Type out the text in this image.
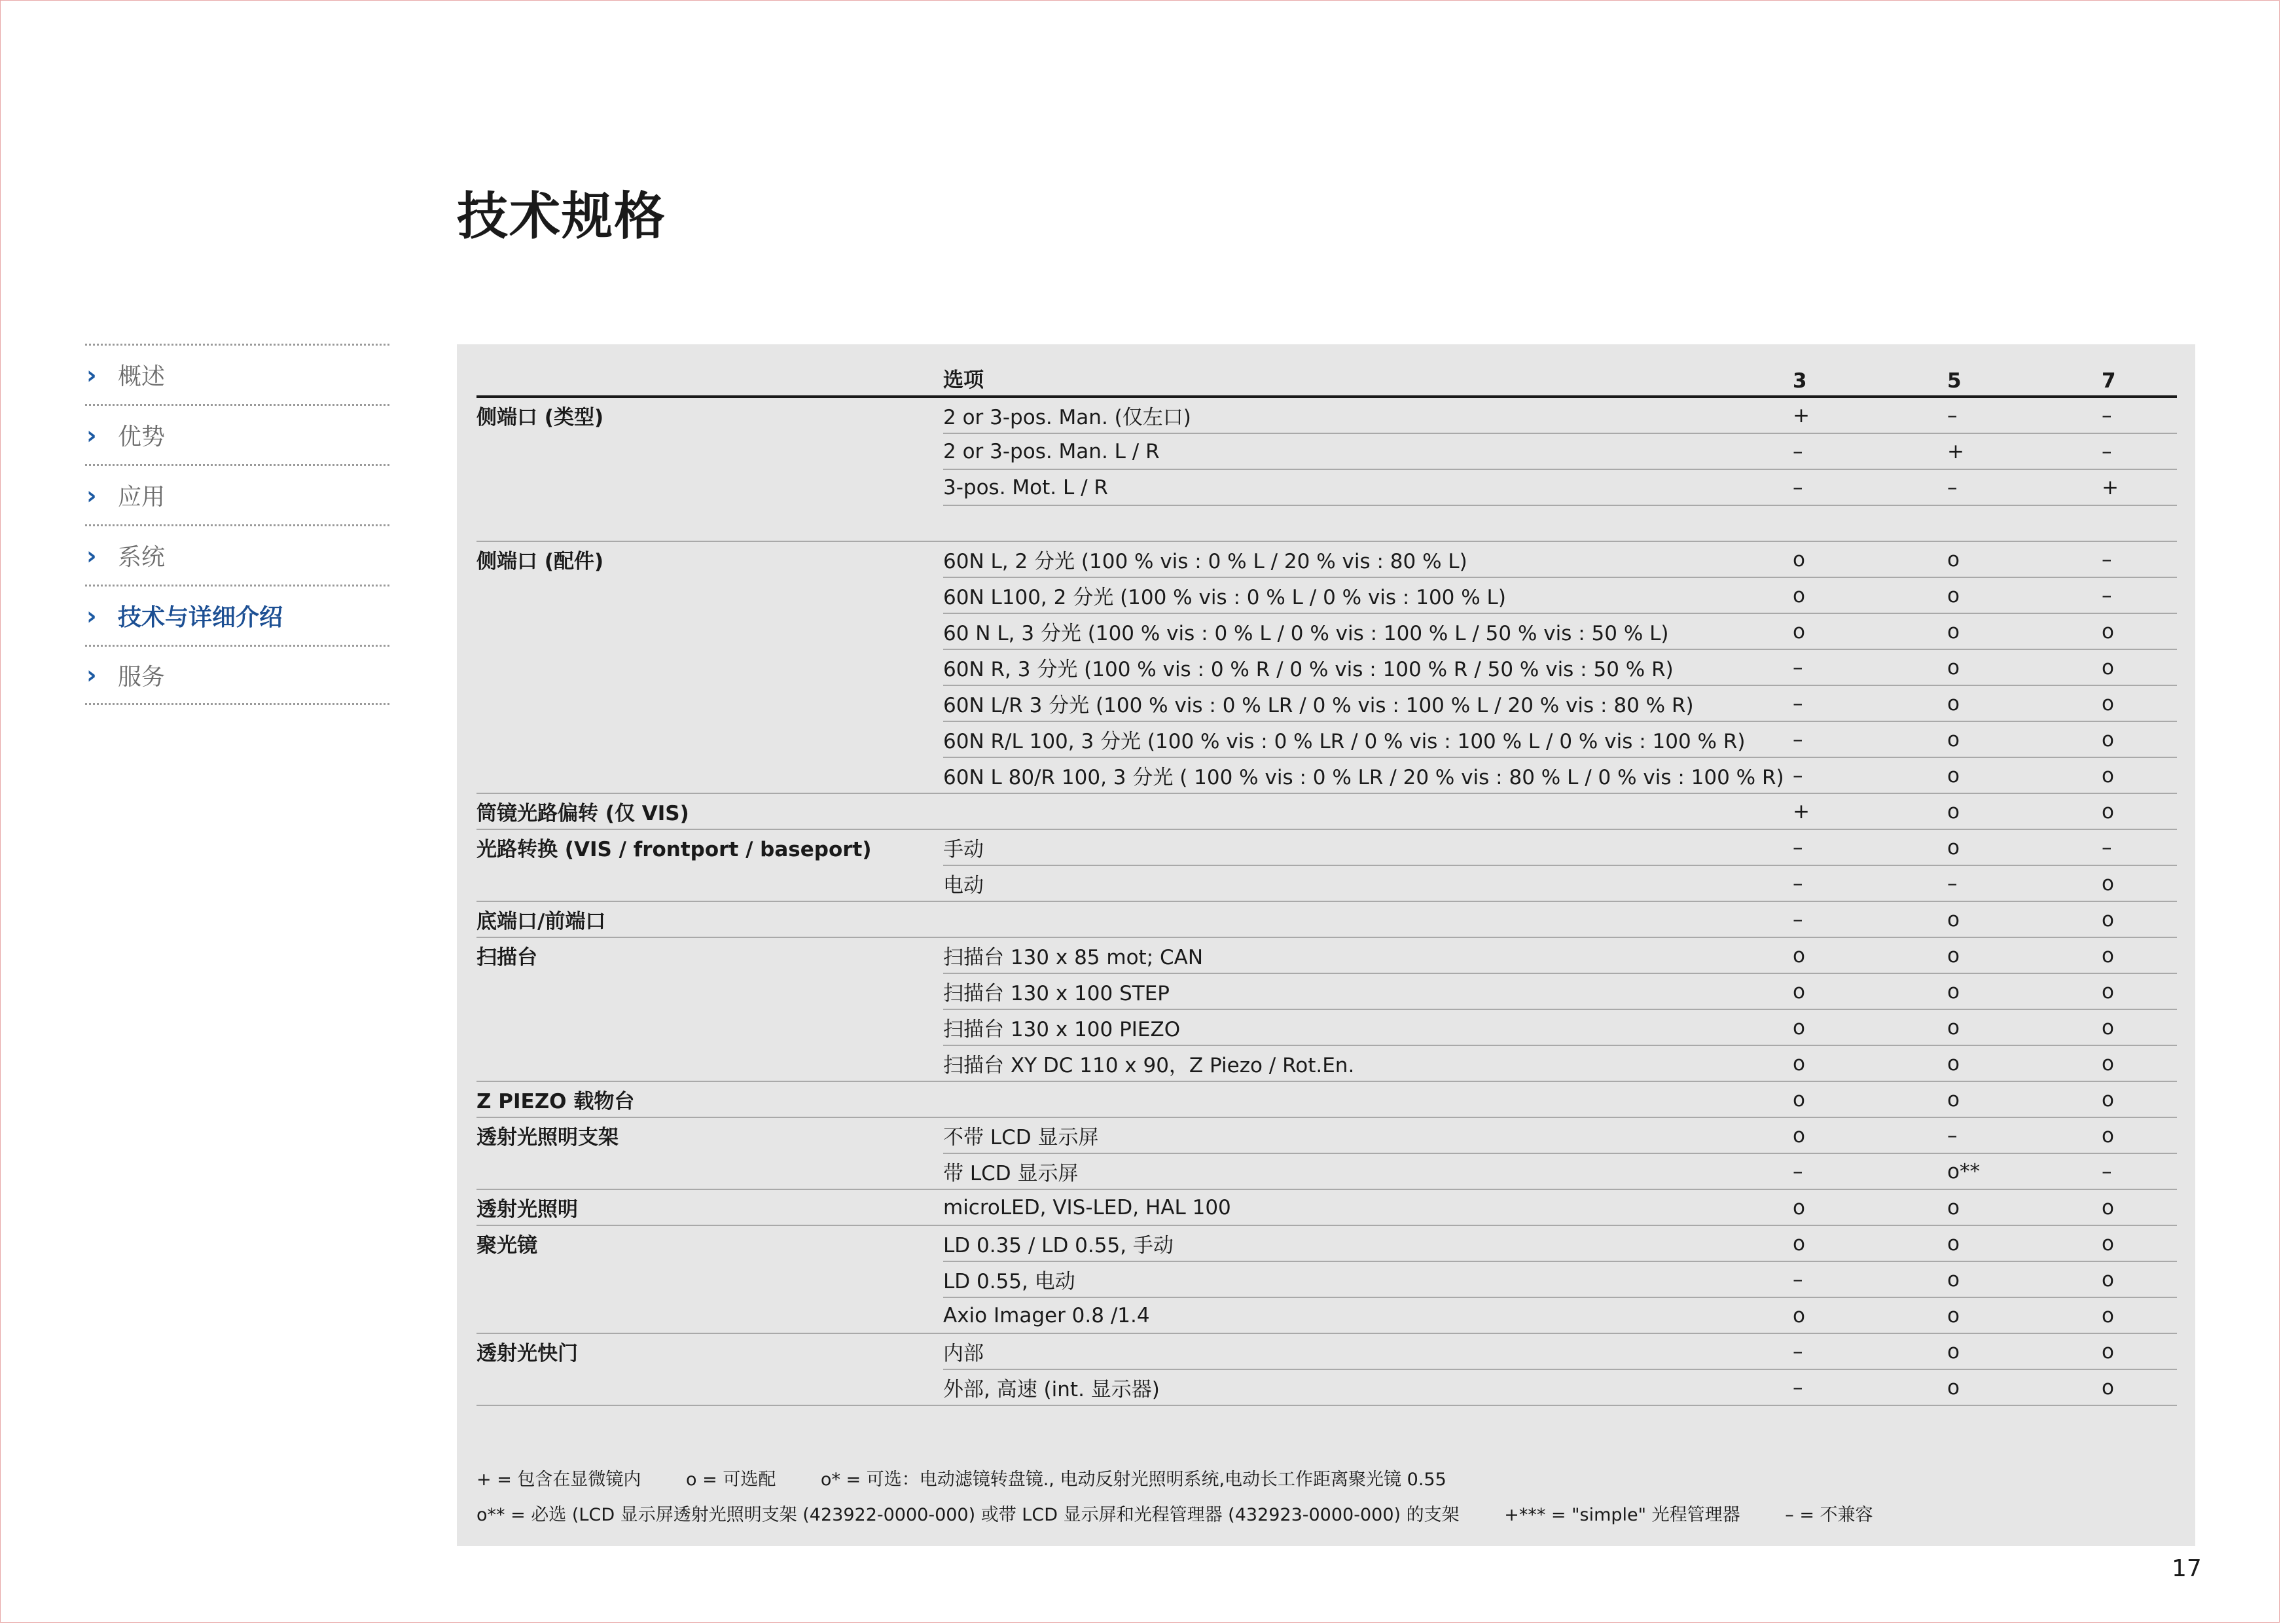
技术规格
› 概述
› 优势
› 应用
› 系统
› 技术与详细介绍
› 服务
	选项	3	5	7
侧端口 (类型)	2 or 3-pos. Man. (仅左口)	+	–	–
	2 or 3-pos. Man. L / R	–	+	–
	3-pos. Mot. L / R	–	–	+

侧端口 (配件)	60N L, 2 分光 (100 % vis : 0 % L / 20 % vis : 80 % L)	o	o	–
	60N L100, 2 分光 (100 % vis : 0 % L / 0 % vis : 100 % L)	o	o	–
	60 N L, 3 分光 (100 % vis : 0 % L / 0 % vis : 100 % L / 50 % vis : 50 % L)	o	o	o
	60N R, 3 分光 (100 % vis : 0 % R / 0 % vis : 100 % R / 50 % vis : 50 % R)	–	o	o
	60N L/R 3 分光 (100 % vis : 0 % LR / 0 % vis : 100 % L / 20 % vis : 80 % R)	–	o	o
	60N R/L 100, 3 分光 (100 % vis : 0 % LR / 0 % vis : 100 % L / 0 % vis : 100 % R)	–	o	o
	60N L 80/R 100, 3 分光 ( 100 % vis : 0 % LR / 20 % vis : 80 % L / 0 % vis : 100 % R)	–	o	o
筒镜光路偏转 (仅 VIS)		+	o	o
光路转换 (VIS / frontport / baseport)	手动	–	o	–
	电动	–	–	o
底端口/前端口		–	o	o
扫描台	扫描台 130 x 85 mot; CAN	o	o	o
	扫描台 130 x 100 STEP	o	o	o
	扫描台 130 x 100 PIEZO	o	o	o
	扫描台 XY DC 110 x 90，Z Piezo / Rot.En.	o	o	o
Z PIEZO 载物台		o	o	o
透射光照明支架	不带 LCD 显示屏	o	–	o
	带 LCD 显示屏	–	o**	–
透射光照明	microLED, VIS-LED, HAL 100	o	o	o
聚光镜	LD 0.35 / LD 0.55, 手动	o	o	o
	LD 0.55, 电动	–	o	o
	Axio Imager 0.8 /1.4	o	o	o
透射光快门	内部	–	o	o
	外部, 高速 (int. 显示器)	–	o	o
+ = 包含在显微镜内	o = 可选配	o* = 可选：电动滤镜转盘镜., 电动反射光照明系统,电动长工作距离聚光镜 0.55
o** = 必选 (LCD 显示屏透射光照明支架 (423922-0000-000) 或带 LCD 显示屏和光程管理器 (432923-0000-000) 的支架	+*** = "simple" 光程管理器	– = 不兼容
17
